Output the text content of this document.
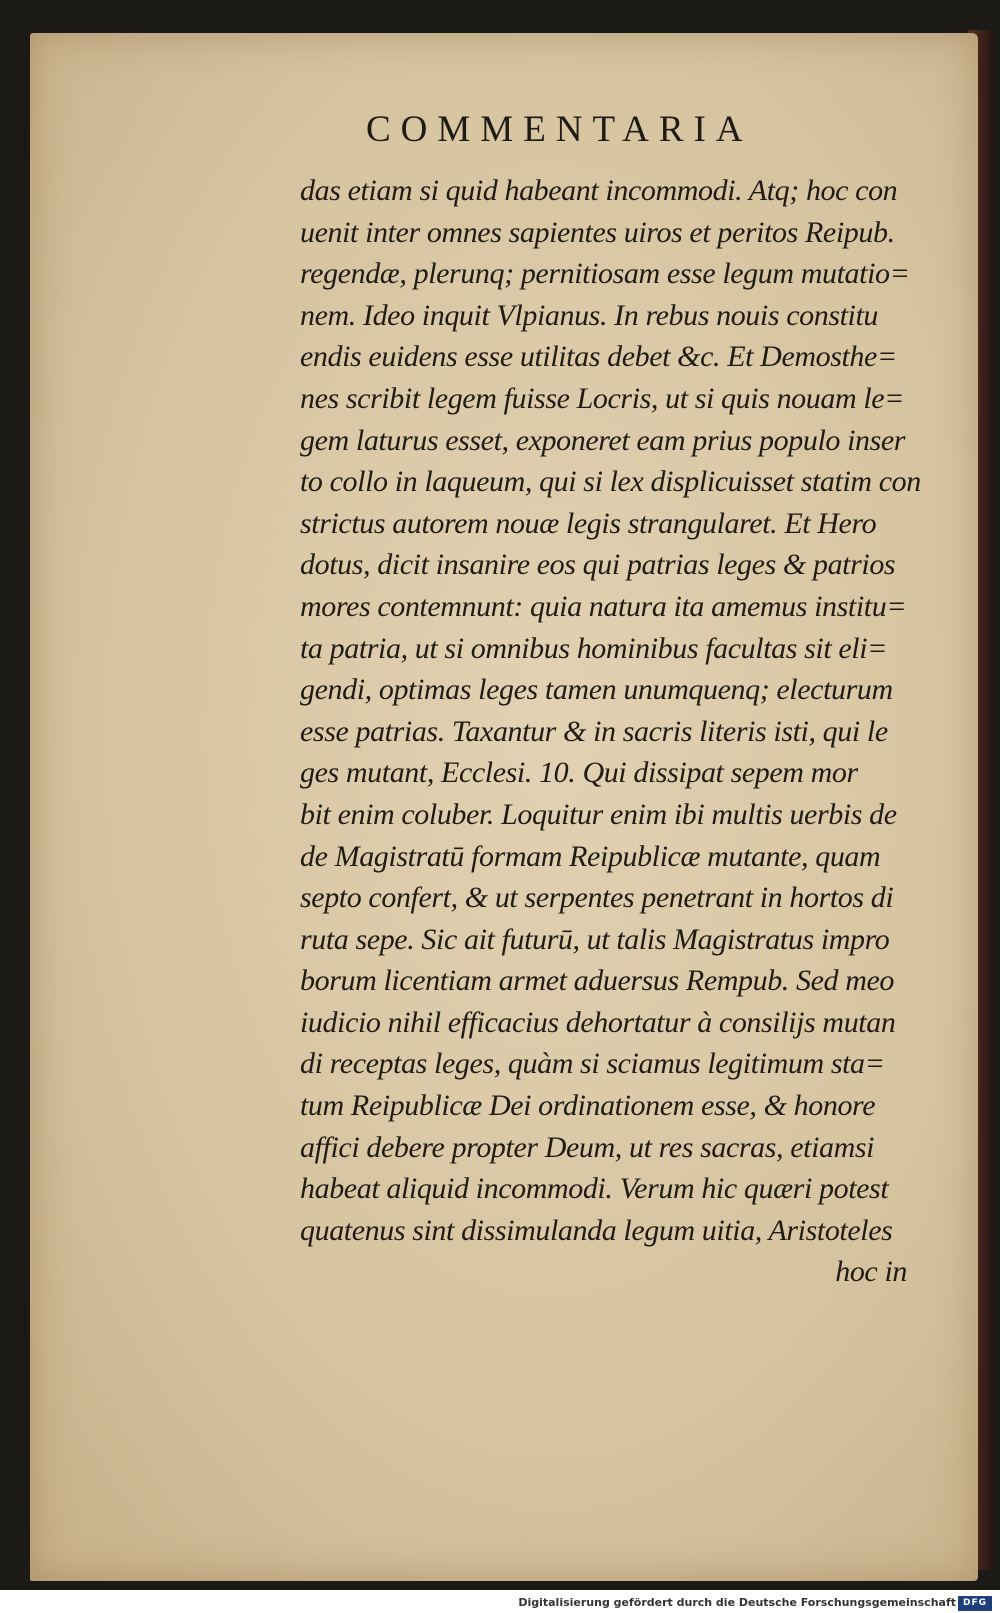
COMMENTARIA
das etiam si quid habeant incommodi. Atq; hoc con
uenit inter omnes sapientes uiros et peritos Reipub.
regendæ, plerunq; pernitiosam esse legum mutatio=
nem. Ideo inquit Vlpianus. In rebus nouis constitu
endis euidens esse utilitas debet &c. Et Demosthe=
nes scribit legem fuisse Locris, ut si quis nouam le=
gem laturus esset, exponeret eam prius populo inser
to collo in laqueum, qui si lex displicuisset statim con
strictus autorem nouæ legis strangularet. Et Hero
dotus, dicit insanire eos qui patrias leges & patrios
mores contemnunt: quia natura ita amemus institu=
ta patria, ut si omnibus hominibus facultas sit eli=
gendi, optimas leges tamen unumquenq; electurum
esse patrias. Taxantur & in sacris literis isti, qui le
ges mutant, Ecclesi. 10. Qui dissipat sepem mor
bit enim coluber. Loquitur enim ibi multis uerbis de
de Magistratū formam Reipublicæ mutante, quam
septo confert, & ut serpentes penetrant in hortos di
ruta sepe. Sic ait futurū, ut talis Magistratus impro
borum licentiam armet aduersus Rempub. Sed meo
iudicio nihil efficacius dehortatur à consilijs mutan
di receptas leges, quàm si sciamus legitimum sta=
tum Reipublicæ Dei ordinationem esse, & honore
affici debere propter Deum, ut res sacras, etiamsi
habeat aliquid incommodi. Verum hic quæri potest
quatenus sint dissimulanda legum uitia, Aristoteles
hoc in
Digitalisierung gefördert durch die Deutsche Forschungsgemeinschaft DFG
